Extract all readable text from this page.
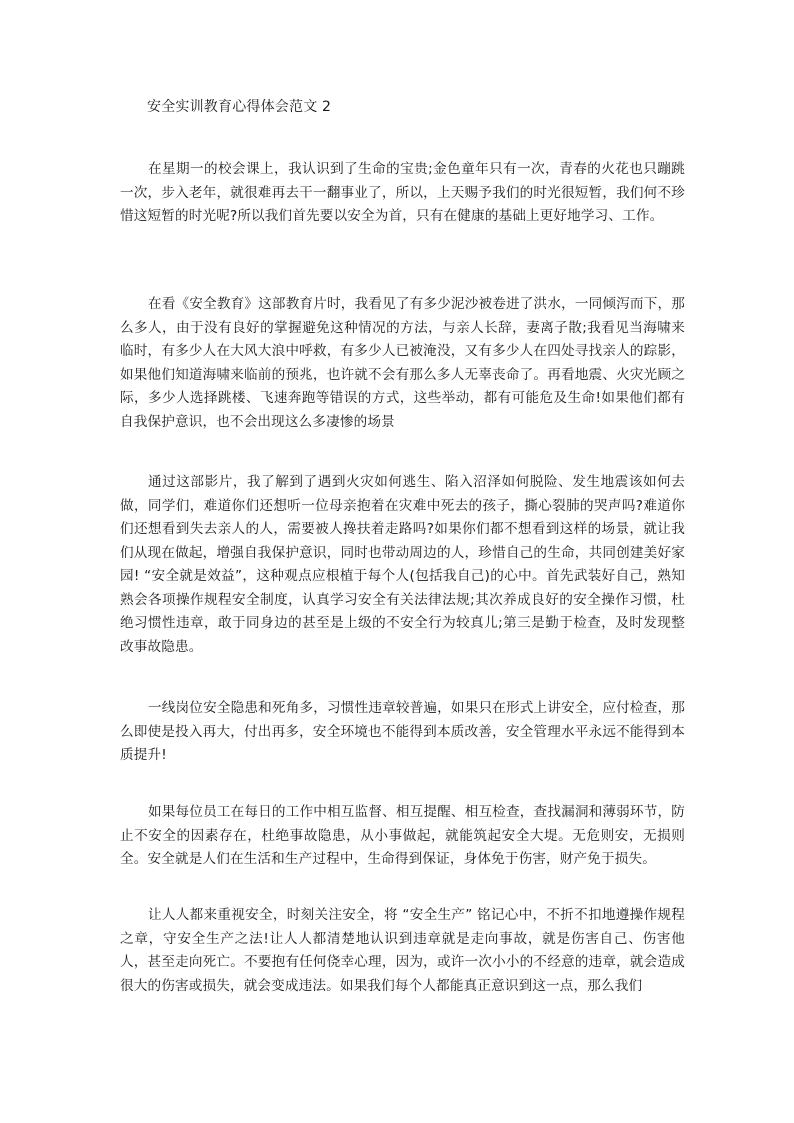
安全实训教育心得体会范文 2

在星期一的校会课上，我认识到了生命的宝贵;金色童年只有一次，青春的火花也只蹦跳一次，步入老年，就很难再去干一翻事业了，所以，上天赐予我们的时光很短暂，我们何不珍惜这短暂的时光呢?所以我们首先要以安全为首，只有在健康的基础上更好地学习、工作。

在看《安全教育》这部教育片时，我看见了有多少泥沙被卷进了洪水，一同倾泻而下，那么多人，由于没有良好的掌握避免这种情况的方法，与亲人长辞，妻离子散;我看见当海啸来临时，有多少人在大风大浪中呼救，有多少人已被淹没，又有多少人在四处寻找亲人的踪影，如果他们知道海啸来临前的预兆，也许就不会有那么多人无辜丧命了。再看地震、火灾光顾之际，多少人选择跳楼、飞速奔跑等错误的方式，这些举动，都有可能危及生命!如果他们都有自我保护意识，也不会出现这么多凄惨的场景

通过这部影片，我了解到了遇到火灾如何逃生、陷入沼泽如何脱险、发生地震该如何去做，同学们，难道你们还想听一位母亲抱着在灾难中死去的孩子，撕心裂肺的哭声吗?难道你们还想看到失去亲人的人，需要被人搀扶着走路吗?如果你们都不想看到这样的场景，就让我们从现在做起，增强自我保护意识，同时也带动周边的人，珍惜自己的生命，共同创建美好家园! “安全就是效益”，这种观点应根植于每个人(包括我自己)的心中。首先武装好自己，熟知熟会各项操作规程安全制度，认真学习安全有关法律法规;其次养成良好的安全操作习惯，杜绝习惯性违章，敢于同身边的甚至是上级的不安全行为较真儿;第三是勤于检查，及时发现整改事故隐患。

一线岗位安全隐患和死角多，习惯性违章较普遍，如果只在形式上讲安全，应付检查，那么即使是投入再大，付出再多，安全环境也不能得到本质改善，安全管理水平永远不能得到本质提升!

如果每位员工在每日的工作中相互监督、相互提醒、相互检查，查找漏洞和薄弱环节，防止不安全的因素存在，杜绝事故隐患，从小事做起，就能筑起安全大堤。无危则安，无损则全。安全就是人们在生活和生产过程中，生命得到保证，身体免于伤害，财产免于损失。

让人人都来重视安全，时刻关注安全，将 “安全生产” 铭记心中，不折不扣地遵操作规程之章，守安全生产之法!让人人都清楚地认识到违章就是走向事故，就是伤害自己、伤害他人，甚至走向死亡。不要抱有任何侥幸心理，因为，或许一次小小的不经意的违章，就会造成很大的伤害或损失，就会变成违法。如果我们每个人都能真正意识到这一点，那么我们
